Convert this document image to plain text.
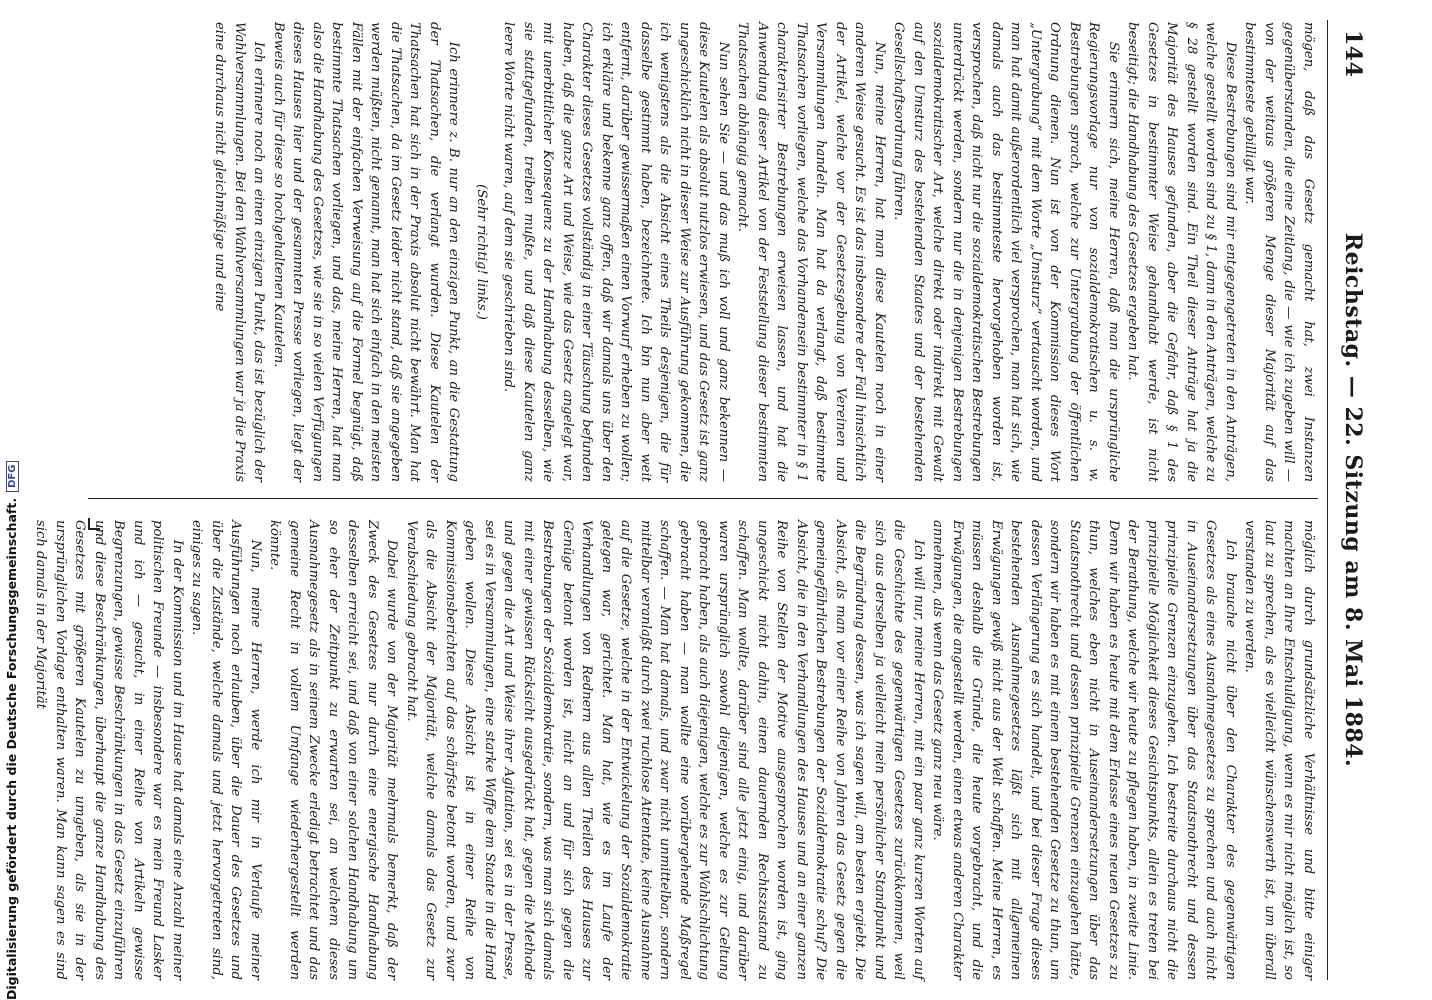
144
Reichstag. — 22. Sitzung am 8. Mai 1884.

mögen, daß das Gesetz gemacht hat, zwei Instanzen gegenüberstanden, die eine Zeitlang, die — wie ich zugeben will — von der weitaus größeren Menge dieser Majorität auf das bestimmteste gebilligt war.

Diese Bestrebungen sind mir entgegengetreten in den Anträgen, welche gestellt worden sind zu § 1, dann in den Anträgen, welche zu § 28 gestellt worden sind. Ein Theil dieser Anträge hat ja die Majorität des Hauses gefunden, aber die Gefahr, daß § 1 des Gesetzes in bestimmter Weise gehandhabt werde, ist nicht beseitigt; die Handhabung des Gesetzes ergeben hat.

Sie erinnern sich, meine Herren, daß man die ursprüngliche Regierungsvorlage nur von sozialdemokratischen u. s. w. Bestrebungen sprach, welche zur Untergrabung der öffentlichen Ordnung dienen. Nun ist von der Kommission dieses Wort „Untergrabung“ mit dem Worte „Umsturz“ vertauscht worden, und man hat damit außerordentlich viel versprochen, man hat sich, wie damals auch das bestimmteste hervorgehoben worden ist, versprochen, daß nicht nur die sozialdemokratischen Bestrebungen unterdrückt werden, sondern nur die in denjenigen Bestrebungen sozialdemokratischer Art, welche direkt oder indirekt mit Gewalt auf den Umsturz des bestehenden Staates und der bestehenden Gesellschaftsordnung führen.

Nun, meine Herren, hat man diese Kautelen noch in einer anderen Weise gesucht. Es ist das insbesondere der Fall hinsichtlich der Artikel, welche vor der Gesetzesgebung von Vereinen und Versammlungen handeln. Man hat da verlangt, daß bestimmte Thatsachen vorliegen, welche das Vorhandensein bestimmter in § 1 charakterisirter Bestrebungen erweisen lassen, und hat die Anwendung dieser Artikel von der Feststellung dieser bestimmten Thatsachen abhängig gemacht.

Nun sehen Sie — und das muß ich voll und ganz bekennen — diese Kautelen als absolut nutzlos erwiesen, und das Gesetz ist ganz ungeschicklich nicht in dieser Weise zur Ausführung gekommen, die ich wenigstens als die Absicht eines Theils desjenigen, die für dasselbe gestimmt haben, bezeichnete. Ich bin nun aber weit entfernt, darüber gewissermaßen einen Vorwurf erheben zu wollen; ich erkläre und bekenne ganz offen, daß wir damals uns über den Charakter dieses Gesetzes vollständig in einer Täuschung befunden haben, daß die ganze Art und Weise, wie das Gesetz angelegt war, mit unerbittlicher Konsequenz zu der Handhabung desselben, wie sie stattgefunden, treiben mußte, und daß diese Kautelen ganz leere Worte nicht waren, auf dem sie geschrieben sind.

(Sehr richtig! links.)

Ich erinnere z. B. nur an den einzigen Punkt, an die Gestattung der Thatsachen, die verlangt wurden. Diese Kautelen der Thatsachen hat sich in der Praxis absolut nicht bewährt. Man hat die Thatsachen, da im Gesetz leider nicht stand, daß sie angegeben werden müßten, nicht genannt, man hat sich einfach in den meisten Fällen mit der einfachen Verweisung auf die Formel begnügt, daß bestimmte Thatsachen vorliegen, und das, meine Herren, hat man also die Handhabung des Gesetzes, wie sie in so vielen Verfügungen dieses Hauses hier und der gesammten Presse vorliegen, liegt der Beweis auch für diese so hochgehaltenen Kautelen.

Ich erinnere noch an einen einzigen Punkt, das ist bezüglich der Wahlversammlungen. Bei den Wahlversammlungen war ja die Praxis eine durchaus nicht gleichmäßige und eine

möglich durch grundsätzliche Verhältnisse und bitte einiger machten an Ihre Entschuldigung, wenn es mir nicht möglich ist, so laut zu sprechen, als es vielleicht wünschenswerth ist, um überall verstanden zu werden.

Ich brauche nicht über den Charakter des gegenwärtigen Gesetzes als eines Ausnahmegesetzes zu sprechen und auch nicht in Auseinandersetzungen über das Staatsnothrecht und dessen prinzipielle Grenzen einzugehen. Ich bestreite durchaus nicht die prinzipielle Möglichkeit dieses Gesichtspunkts, allein es treten bei der Berathung, welche wir heute zu pflegen haben, in zweite Linie. Denn wir haben es heute mit dem Erlasse eines neuen Gesetzes zu thun, welches eben nicht in Auseinandersetzungen über das Staatsnothrecht und dessen prinzipielle Grenzen einzugehen hätte, sondern wir haben es mit einem bestehenden Gesetze zu thun, um dessen Verlängerung es sich handelt, und bei dieser Frage dieses bestehenden Ausnahmegesetzes läßt sich mit allgemeinen Erwägungen gewiß nicht aus der Welt schaffen. Meine Herren, es müssen deshalb die Gründe, die heute vorgebracht, und die Erwägungen, die angestellt werden, einen etwas anderen Charakter annehmen, als wenn das Gesetz ganz neu wäre.

Ich will nur, meine Herren, mit ein paar ganz kurzen Worten auf die Geschichte des gegenwärtigen Gesetzes zurückkommen, weil sich aus derselben ja vielleicht mein persönlicher Standpunkt und die Begründung dessen, was ich sagen will, am besten ergiebt. Die Absicht, als man vor einer Reihe von Jahren das Gesetz gegen die gemeingefährlichen Bestrebungen der Sozialdemokratie schuf? Die Absicht, die in den Verhandlungen des Hauses und an einer ganzen Reihe von Stellen der Motive ausgesprochen worden ist, ging ungeschickt nicht dahin, einen dauernden Rechtszustand zu schaffen. Man wollte, darüber sind alle jetzt einig, und darüber waren ursprünglich sowohl diejenigen, welche es zur Geltung gebracht haben, als auch diejenigen, welche es zur Wahlschlichtung gebracht haben — man wollte eine vorübergehende Maßregel schaffen. — Man hat damals, und zwar nicht unmittelbar, sondern mittelbar veranlaßt durch zwei ruchlose Attentate, keine Ausnahme auf die Gesetze, welche in der Entwickelung der Sozialdemokratie gelegen war, gerichtet. Man hat, wie es im Laufe der Verhandlungen von Rednern aus allen Theilen des Hauses zur Genüge betont worden ist, nicht an und für sich gegen die Bestrebungen der Sozialdemokratie, sondern, was man sich damals mit einer gewissen Rücksicht ausgedrückt hat, gegen die Methode und gegen die Art und Weise ihrer Agitation, sei es in der Presse, sei es in Versammlungen, eine starke Waffe dem Staate in die Hand geben wollen. Diese Absicht ist in einer Reihe von Kommissionsberichten auf das schärfste betont worden, und zwar als die Absicht der Majorität, welche damals das Gesetz zur Verabschiedung gebracht hat.

Dabei wurde von der Majorität mehrmals bemerkt, daß der Zweck des Gesetzes nur durch eine energische Handhabung desselben erreicht sei, und daß von einer solchen Handhabung um so eher der Zeitpunkt zu erwarten sei, an welchem dieses Ausnahmegesetz als in seinem Zwecke erledigt betrachtet und das gemeine Recht in vollem Umfange wiederhergestellt werden könnte.

Nun, meine Herren, werde ich mir in Verlaufe meiner Ausführungen noch erlauben, über die Dauer des Gesetzes und über die Zustände, welche damals und jetzt hervorgetreten sind, einiges zu sagen.

In der Kommission und im Hause hat damals eine Anzahl meiner politischen Freunde — insbesondere war es mein Freund Lasker und ich — gesucht, in einer Reihe von Artikeln gewisse Begrenzungen, gewisse Beschränkungen in das Gesetz einzuführen und diese Beschränkungen, überhaupt die ganze Handhabung des Gesetzes mit größeren Kautelen zu umgeben, als sie in der ursprünglichen Vorlage enthalten waren. Man kann sagen es sind sich damals in der Majorität

Digitalisierung gefördert durch die Deutsche Forschungsgemeinschaft.DFG
